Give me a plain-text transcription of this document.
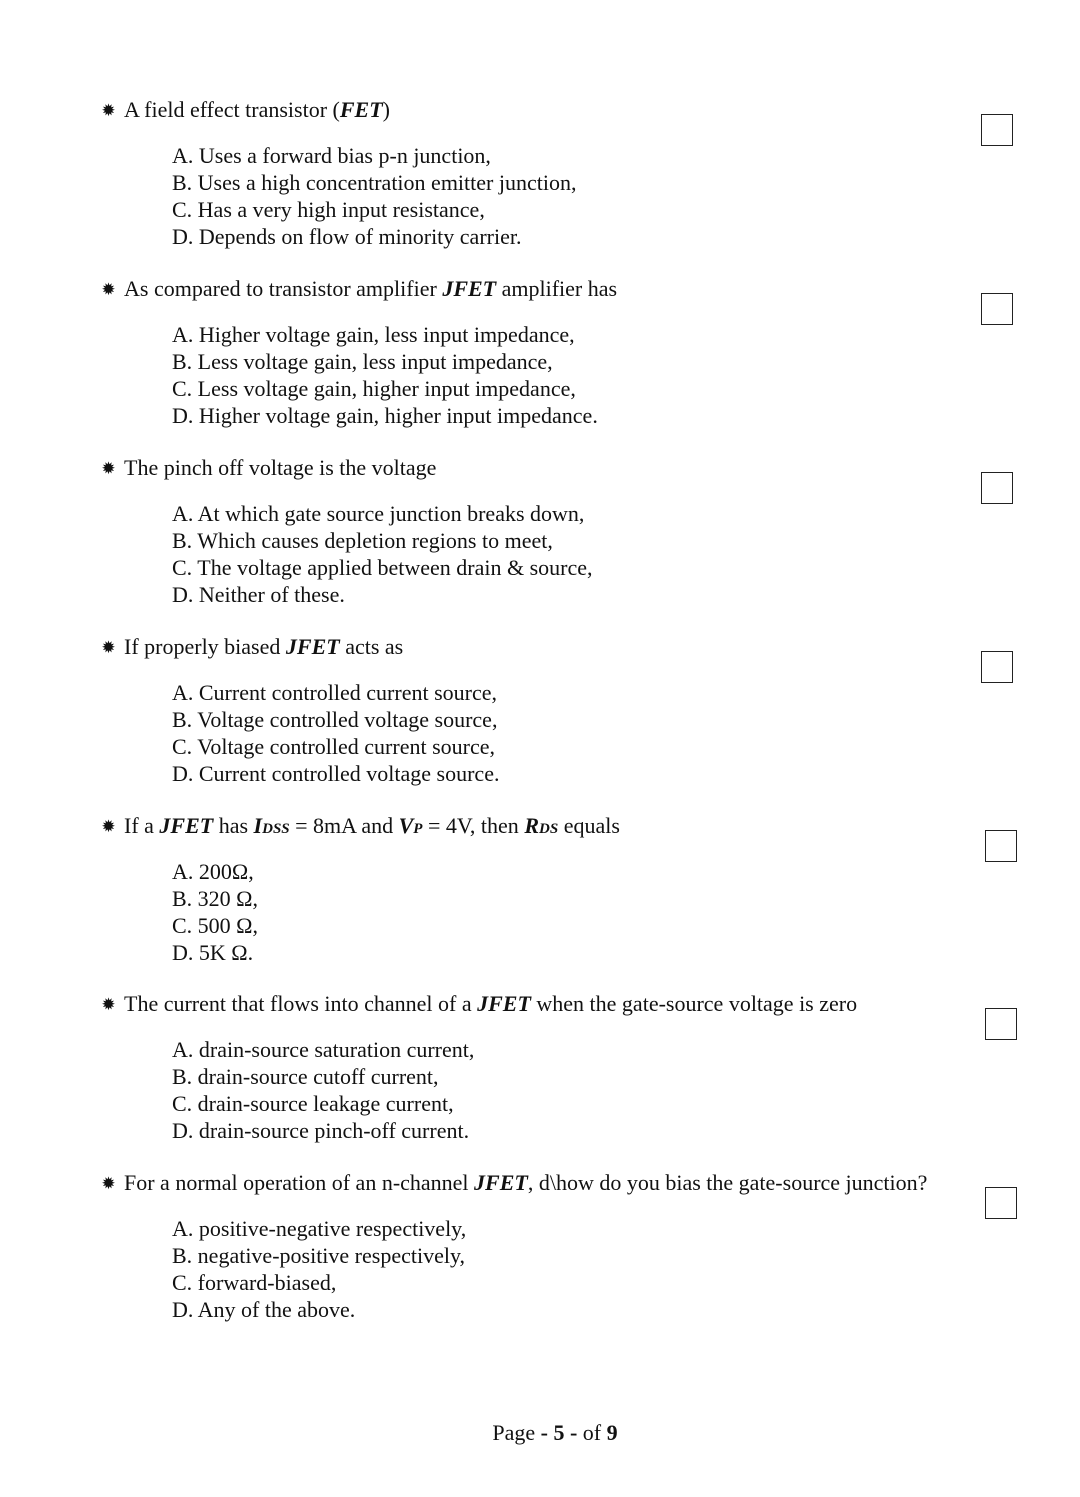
✹ A field effect transistor (FET)
A. Uses a forward bias p-n junction,
B. Uses a high concentration emitter junction,
C. Has a very high input resistance,
D. Depends on flow of minority carrier.
✹ As compared to transistor amplifier JFET amplifier has
A. Higher voltage gain, less input impedance,
B. Less voltage gain, less input impedance,
C. Less voltage gain, higher input impedance,
D. Higher voltage gain, higher input impedance.
✹ The pinch off voltage is the voltage
A. At which gate source junction breaks down,
B. Which causes depletion regions to meet,
C. The voltage applied between drain & source,
D. Neither of these.
✹ If properly biased JFET acts as
A. Current controlled current source,
B. Voltage controlled voltage source,
C. Voltage controlled current source,
D. Current controlled voltage source.
✹ If a JFET has IDSS = 8mA and VP = 4V, then RDS equals
A. 200Ω,
B. 320 Ω,
C. 500 Ω,
D. 5K Ω.
✹ The current that flows into channel of a JFET when the gate-source voltage is zero
A. drain-source saturation current,
B. drain-source cutoff current,
C. drain-source leakage current,
D. drain-source pinch-off current.
✹ For a normal operation of an n-channel JFET, d\how do you bias the gate-source junction?
A. positive-negative respectively,
B. negative-positive respectively,
C. forward-biased,
D. Any of the above.
Page - 5 - of 9
